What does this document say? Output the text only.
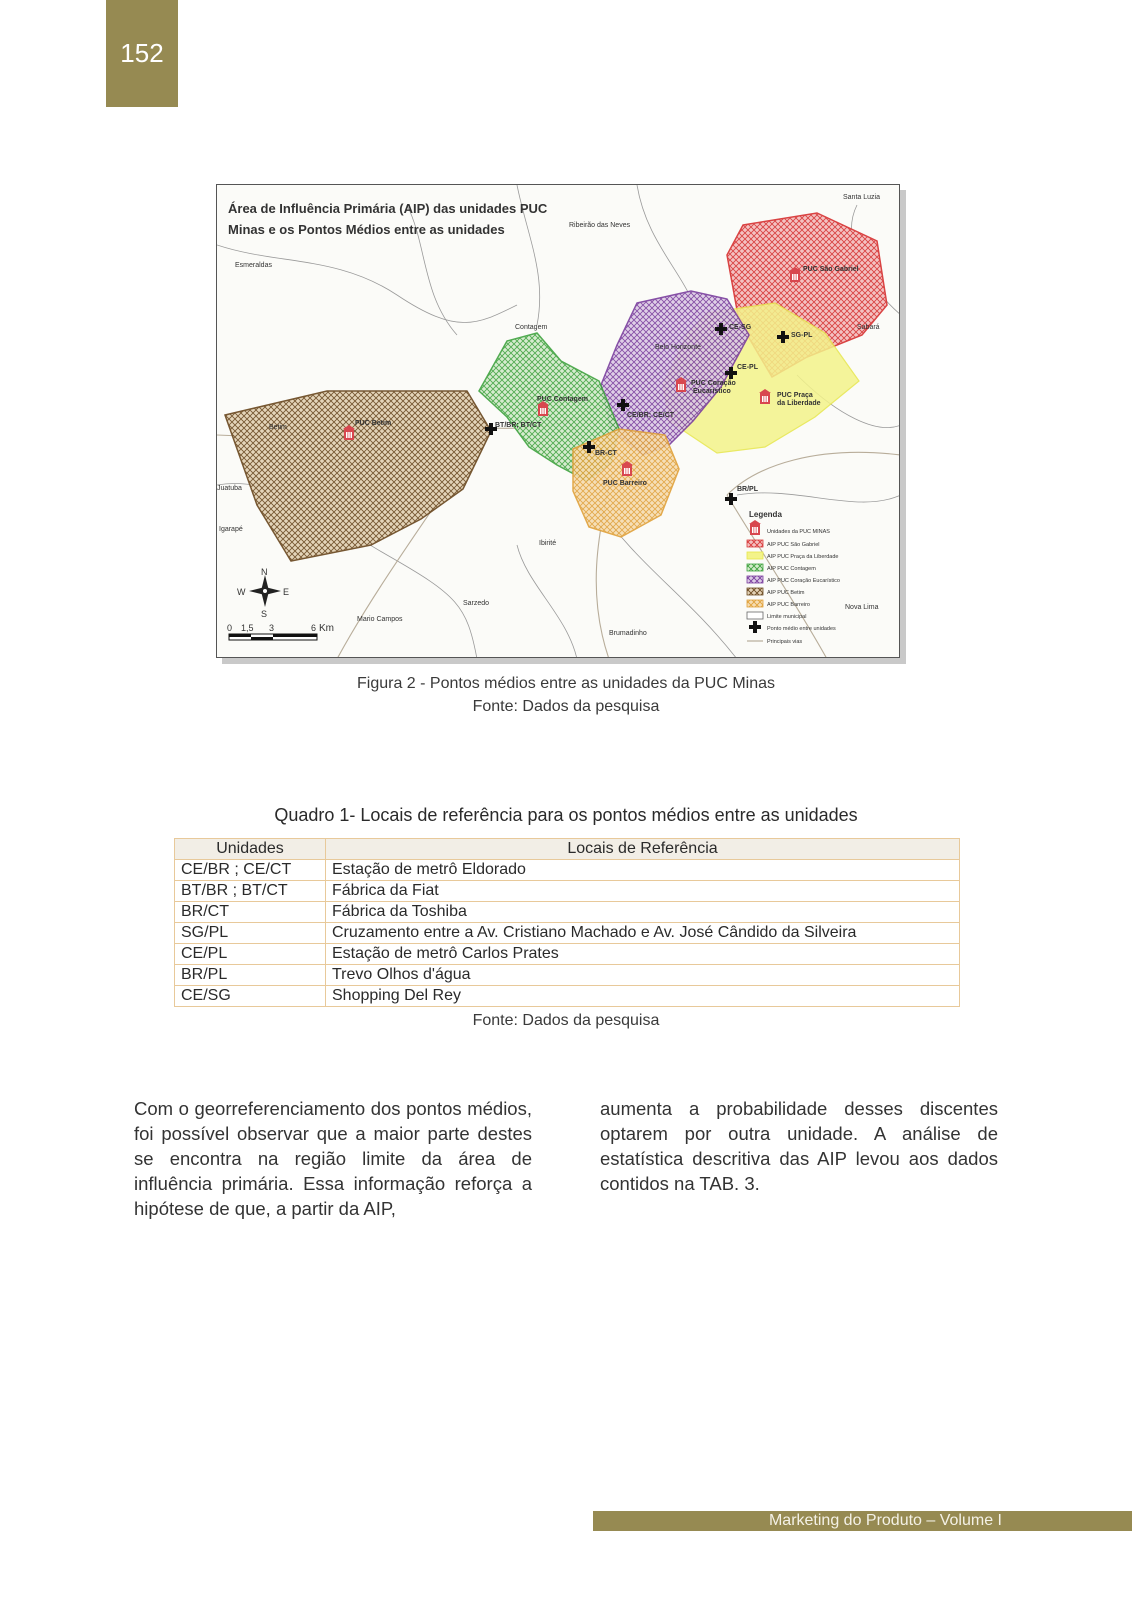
152
Santa Luzia
Ribeirão das Neves
Esmeraldas
Contagem
Belo Horizonte
Sabará
Betim
Juatuba
Igarapé
Ibirité
Sarzedo
Mario Campos
Brumadinho
Nova Lima
PUC São Gabriel
PUC Contagem
PUC Coração
Eucarístico
PUC Praça
da Liberdade
PUC Betim
PUC Barreiro
CE-SG
SG-PL
CE-PL
CE/BR; CE/CT
BT/BR; BT/CT
BR-CT
BR/PL
N
S
E
W
0 1,5 3	6 Km
Legenda
Unidades da PUC MINAS
AIP PUC São Gabriel
AIP PUC Praça da Liberdade
AIP PUC Contagem
AIP PUC Coração Eucarístico
AIP PUC Betim
AIP PUC Barreiro
Limite municipal
Ponto médio entre unidades
Principais vias
Área de Influência Primária (AIP) das unidades PUC
Minas e os Pontos Médios entre as unidades
Figura 2 - Pontos médios entre as unidades da PUC Minas
Fonte: Dados da pesquisa
Quadro 1- Locais de referência para os pontos médios entre as unidades
Unidades	Locais de Referência
CE/BR ; CE/CT	Estação de metrô Eldorado
BT/BR ; BT/CT	Fábrica da Fiat
BR/CT	Fábrica da Toshiba
SG/PL	Cruzamento entre a Av. Cristiano Machado e Av. José Cândido da Silveira
CE/PL	Estação de metrô Carlos Prates
BR/PL	Trevo Olhos d'água
CE/SG	Shopping Del Rey
Fonte: Dados da pesquisa
Com o georreferenciamento dos pontos médios, foi possível observar que a maior parte destes se encontra na região limite da área de influência primária. Essa informação reforça a hipótese de que, a partir da AIP,
aumenta a probabilidade desses discentes optarem por outra unidade. A análise de estatística descritiva das AIP levou aos dados contidos na TAB. 3.
Marketing do Produto – Volume I
